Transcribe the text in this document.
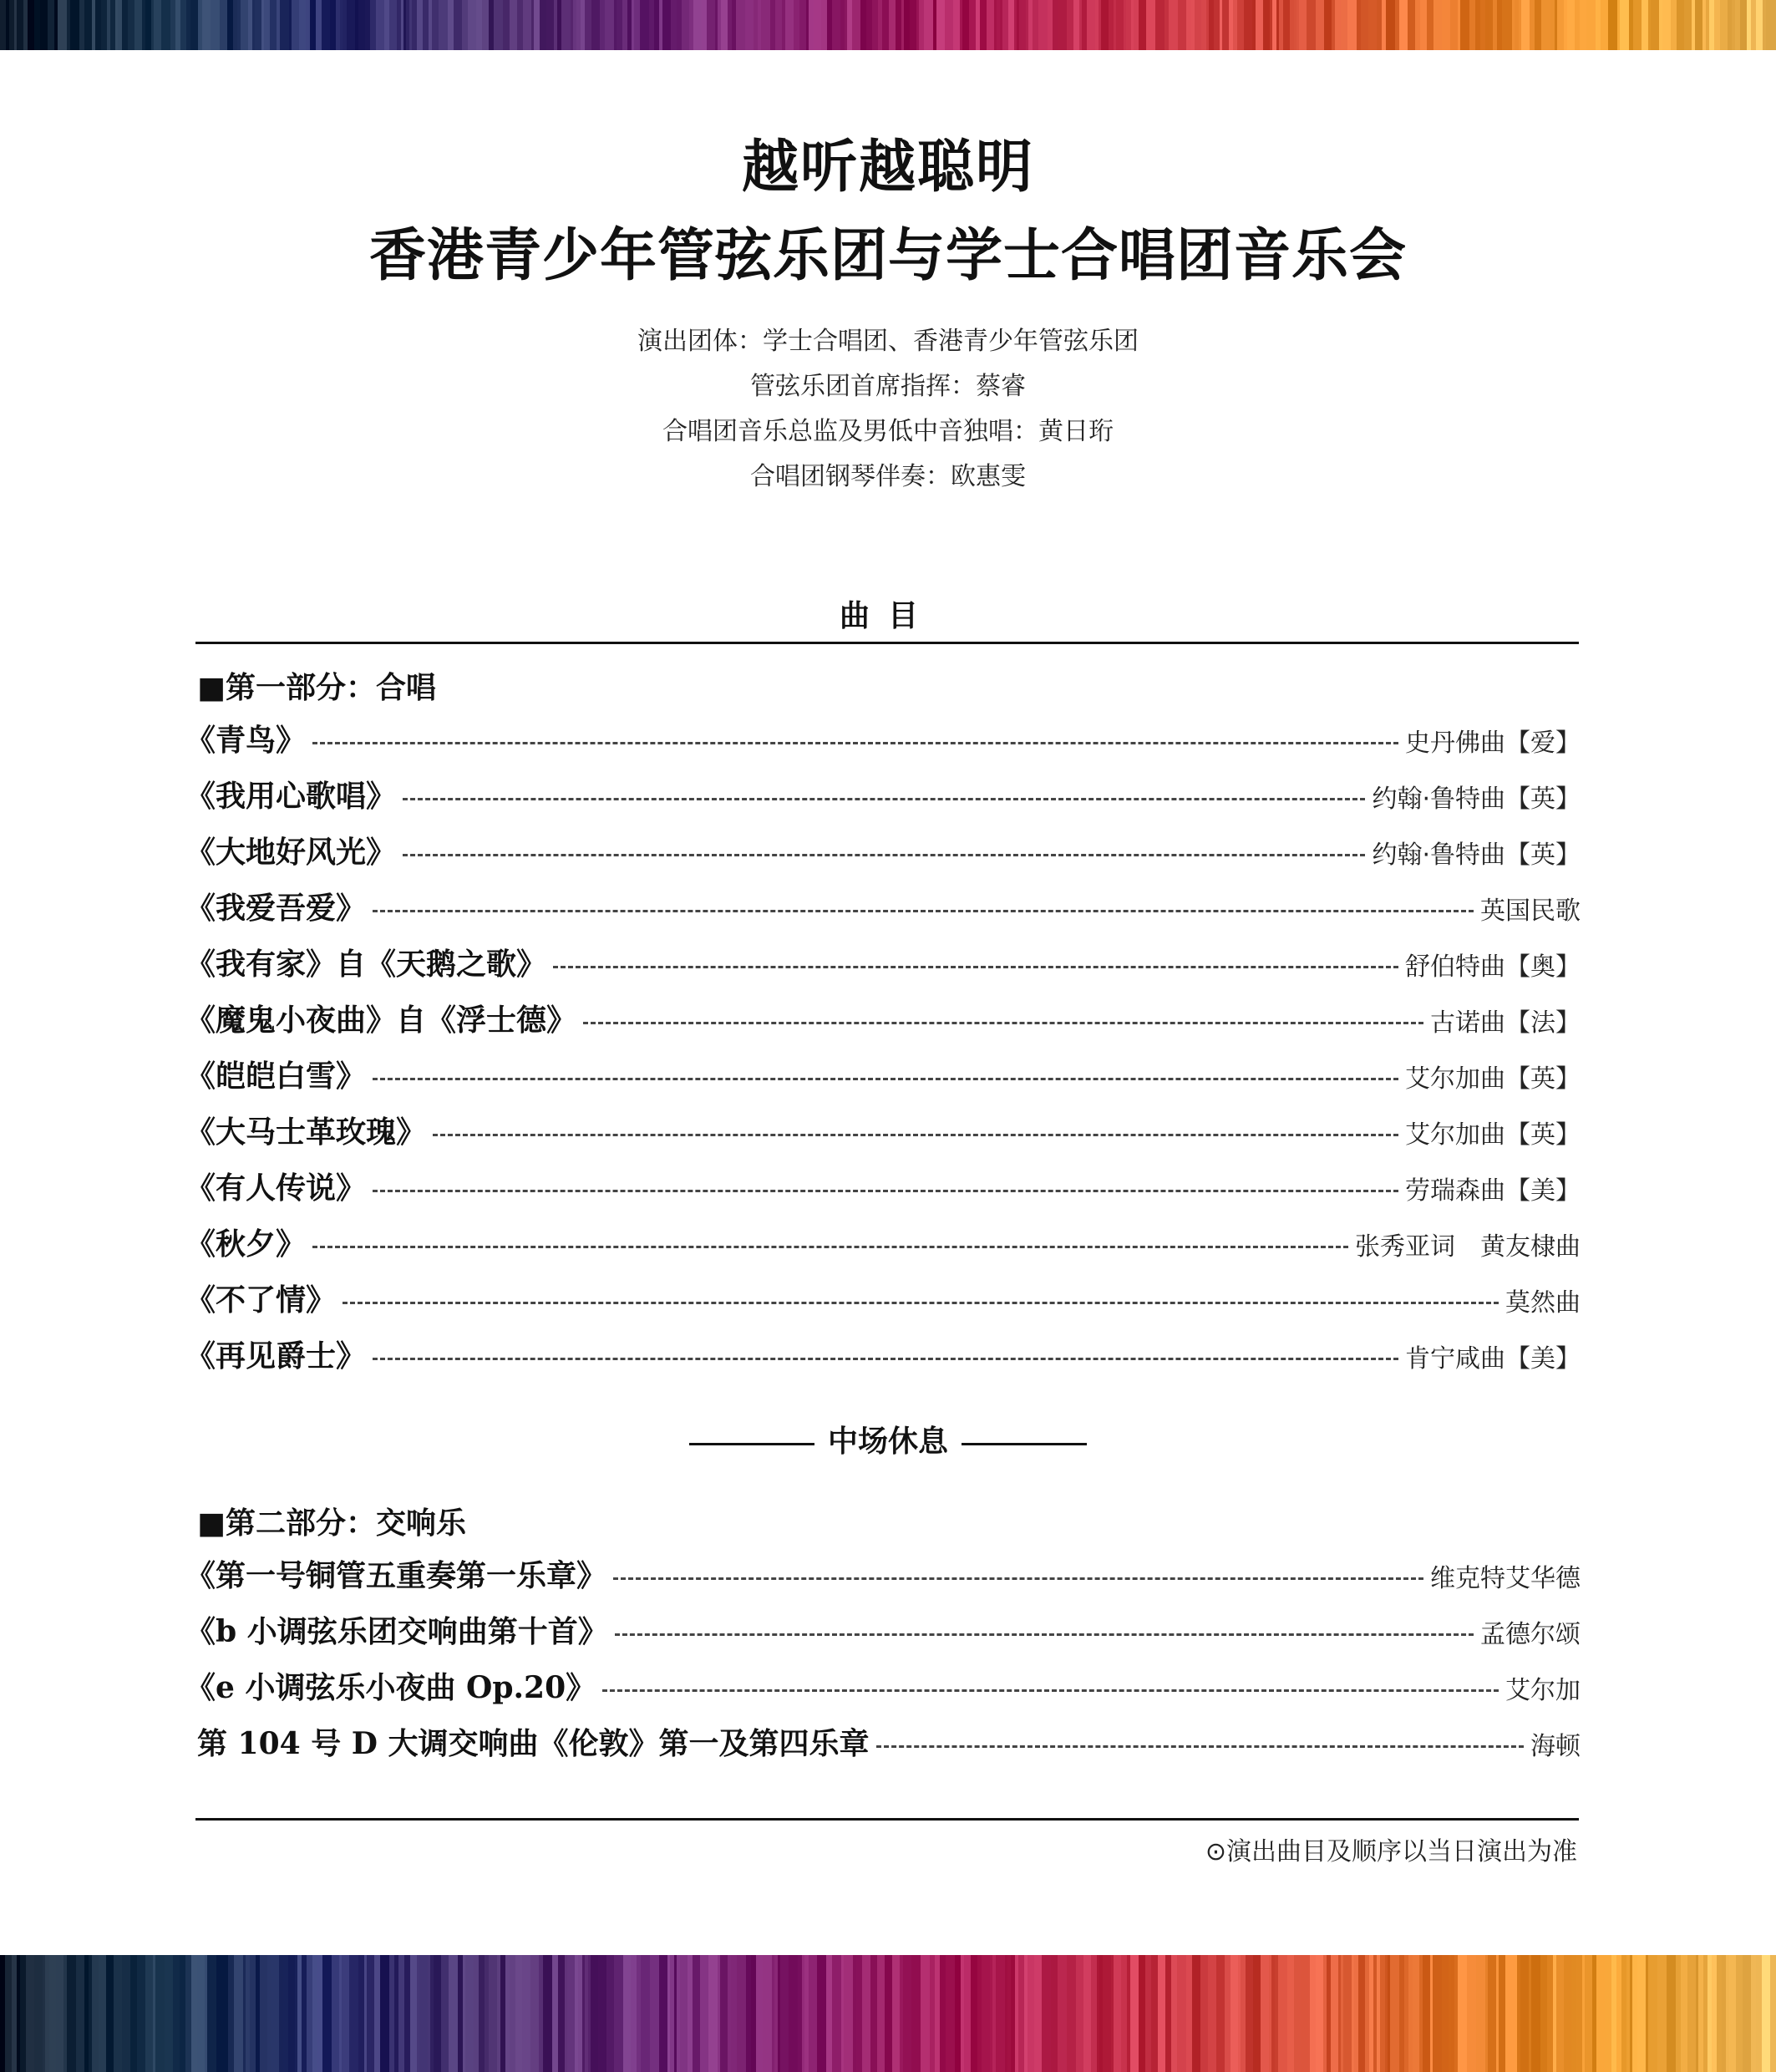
越听越聪明
香港青少年管弦乐团与学士合唱团音乐会
演出团体：学士合唱团、香港青少年管弦乐团
管弦乐团首席指挥：蔡睿
合唱团音乐总监及男低中音独唱：黄日珩
合唱团钢琴伴奏：欧惠雯
曲目
■第一部分：合唱
《青鸟》	史丹佛曲【爱】
《我用心歌唱》	约翰·鲁特曲【英】
《大地好风光》	约翰·鲁特曲【英】
《我爱吾爱》	英国民歌
《我有家》自《天鹅之歌》	舒伯特曲【奥】
《魔鬼小夜曲》自《浮士德》	古诺曲【法】
《皑皑白雪》	艾尔加曲【英】
《大马士革玫瑰》	艾尔加曲【英】
《有人传说》	劳瑞森曲【美】
《秋夕》	张秀亚词　黄友棣曲
《不了情》	莫然曲
《再见爵士》	肯宁咸曲【美】
中场休息
■第二部分：交响乐
《第一号铜管五重奏第一乐章》	维克特艾华德
《b 小调弦乐团交响曲第十首》	孟德尔颂
《e 小调弦乐小夜曲 Op.20》	艾尔加
第 104 号 D 大调交响曲《伦敦》第一及第四乐章	海顿
⊙演出曲目及顺序以当日演出为准
